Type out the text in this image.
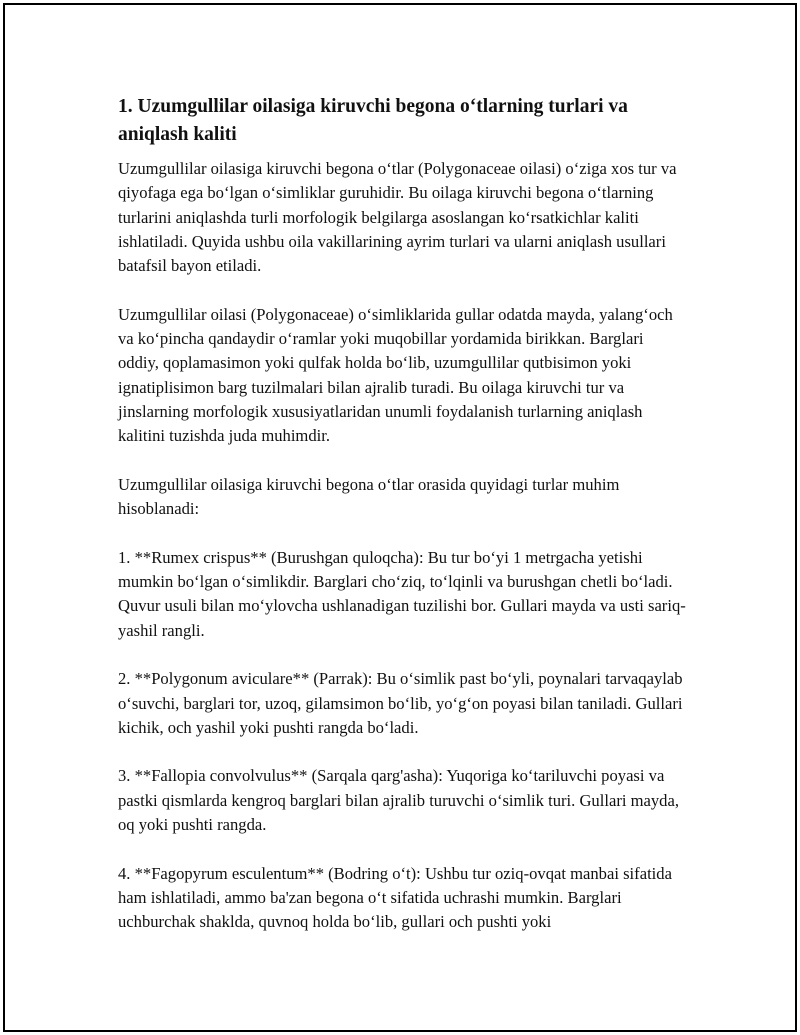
1. Uzumgullilar oilasiga kiruvchi begona o‘tlarning turlari va aniqlash kaliti

Uzumgullilar oilasiga kiruvchi begona o‘tlar (Polygonaceae oilasi) o‘ziga xos tur va qiyofaga ega bo‘lgan o‘simliklar guruhidir. Bu oilaga kiruvchi begona o‘tlarning turlarini aniqlashda turli morfologik belgilarga asoslangan ko‘rsatkichlar kaliti ishlatiladi. Quyida ushbu oila vakillarining ayrim turlari va ularni aniqlash usullari batafsil bayon etiladi.

Uzumgullilar oilasi (Polygonaceae) o‘simliklarida gullar odatda mayda, yalang‘och va ko‘pincha qandaydir o‘ramlar yoki muqobillar yordamida birikkan. Barglari oddiy, qoplamasimon yoki qulfak holda bo‘lib, uzumgullilar qutbisimon yoki ignatiplisimon barg tuzilmalari bilan ajralib turadi. Bu oilaga kiruvchi tur va jinslarning morfologik xususiyatlaridan unumli foydalanish turlarning aniqlash kalitini tuzishda juda muhimdir.

Uzumgullilar oilasiga kiruvchi begona o‘tlar orasida quyidagi turlar muhim hisoblanadi:

1. **Rumex crispus** (Burushgan quloqcha): Bu tur bo‘yi 1 metrgacha yetishi mumkin bo‘lgan o‘simlikdir. Barglari cho‘ziq, to‘lqinli va burushgan chetli bo‘ladi. Quvur usuli bilan mo‘ylovcha ushlanadigan tuzilishi bor. Gullari mayda va usti sariq-yashil rangli.

2. **Polygonum aviculare** (Parrak): Bu o‘simlik past bo‘yli, poynalari tarvaqaylab o‘suvchi, barglari tor, uzoq, gilamsimon bo‘lib, yo‘g‘on poyasi bilan taniladi. Gullari kichik, och yashil yoki pushti rangda bo‘ladi.

3. **Fallopia convolvulus** (Sarqala qarg'asha): Yuqoriga ko‘tariluvchi poyasi va pastki qismlarda kengroq barglari bilan ajralib turuvchi o‘simlik turi. Gullari mayda, oq yoki pushti rangda.

4. **Fagopyrum esculentum** (Bodring o‘t): Ushbu tur oziq-ovqat manbai sifatida ham ishlatiladi, ammo ba'zan begona o‘t sifatida uchrashi mumkin. Barglari uchburchak shaklda, quvnoq holda bo‘lib, gullari och pushti yoki
